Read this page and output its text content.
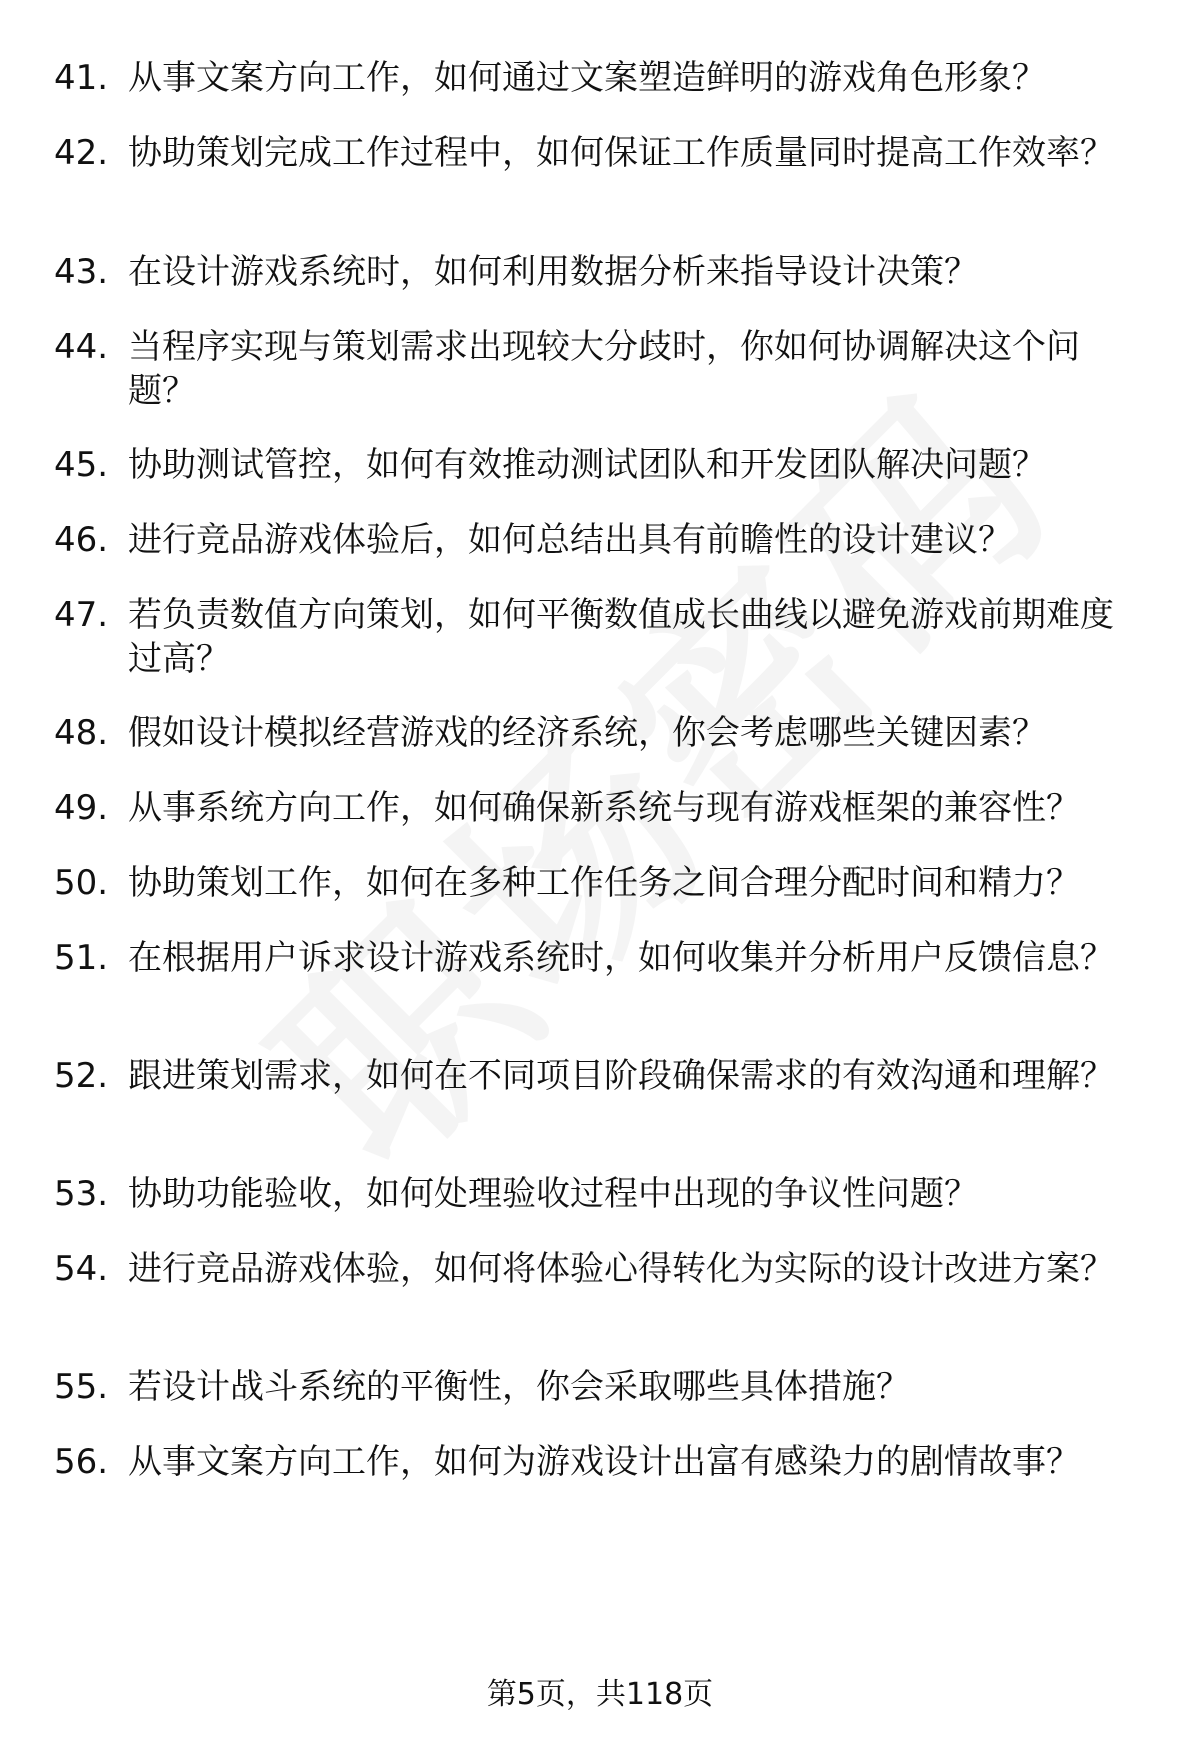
41. 从事文案方向工作，如何通过文案塑造鲜明的游戏角色形象？
42. 协助策划完成工作过程中，如何保证工作质量同时提高工作效率？
43. 在设计游戏系统时，如何利用数据分析来指导设计决策？
44. 当程序实现与策划需求出现较大分歧时，你如何协调解决这个问题？
45. 协助测试管控，如何有效推动测试团队和开发团队解决问题？
46. 进行竞品游戏体验后，如何总结出具有前瞻性的设计建议？
47. 若负责数值方向策划，如何平衡数值成长曲线以避免游戏前期难度过高？
48. 假如设计模拟经营游戏的经济系统，你会考虑哪些关键因素？
49. 从事系统方向工作，如何确保新系统与现有游戏框架的兼容性？
50. 协助策划工作，如何在多种工作任务之间合理分配时间和精力？
51. 在根据用户诉求设计游戏系统时，如何收集并分析用户反馈信息？
52. 跟进策划需求，如何在不同项目阶段确保需求的有效沟通和理解？
53. 协助功能验收，如何处理验收过程中出现的争议性问题？
54. 进行竞品游戏体验，如何将体验心得转化为实际的设计改进方案？
55. 若设计战斗系统的平衡性，你会采取哪些具体措施？
56. 从事文案方向工作，如何为游戏设计出富有感染力的剧情故事？
第5页，共118页
